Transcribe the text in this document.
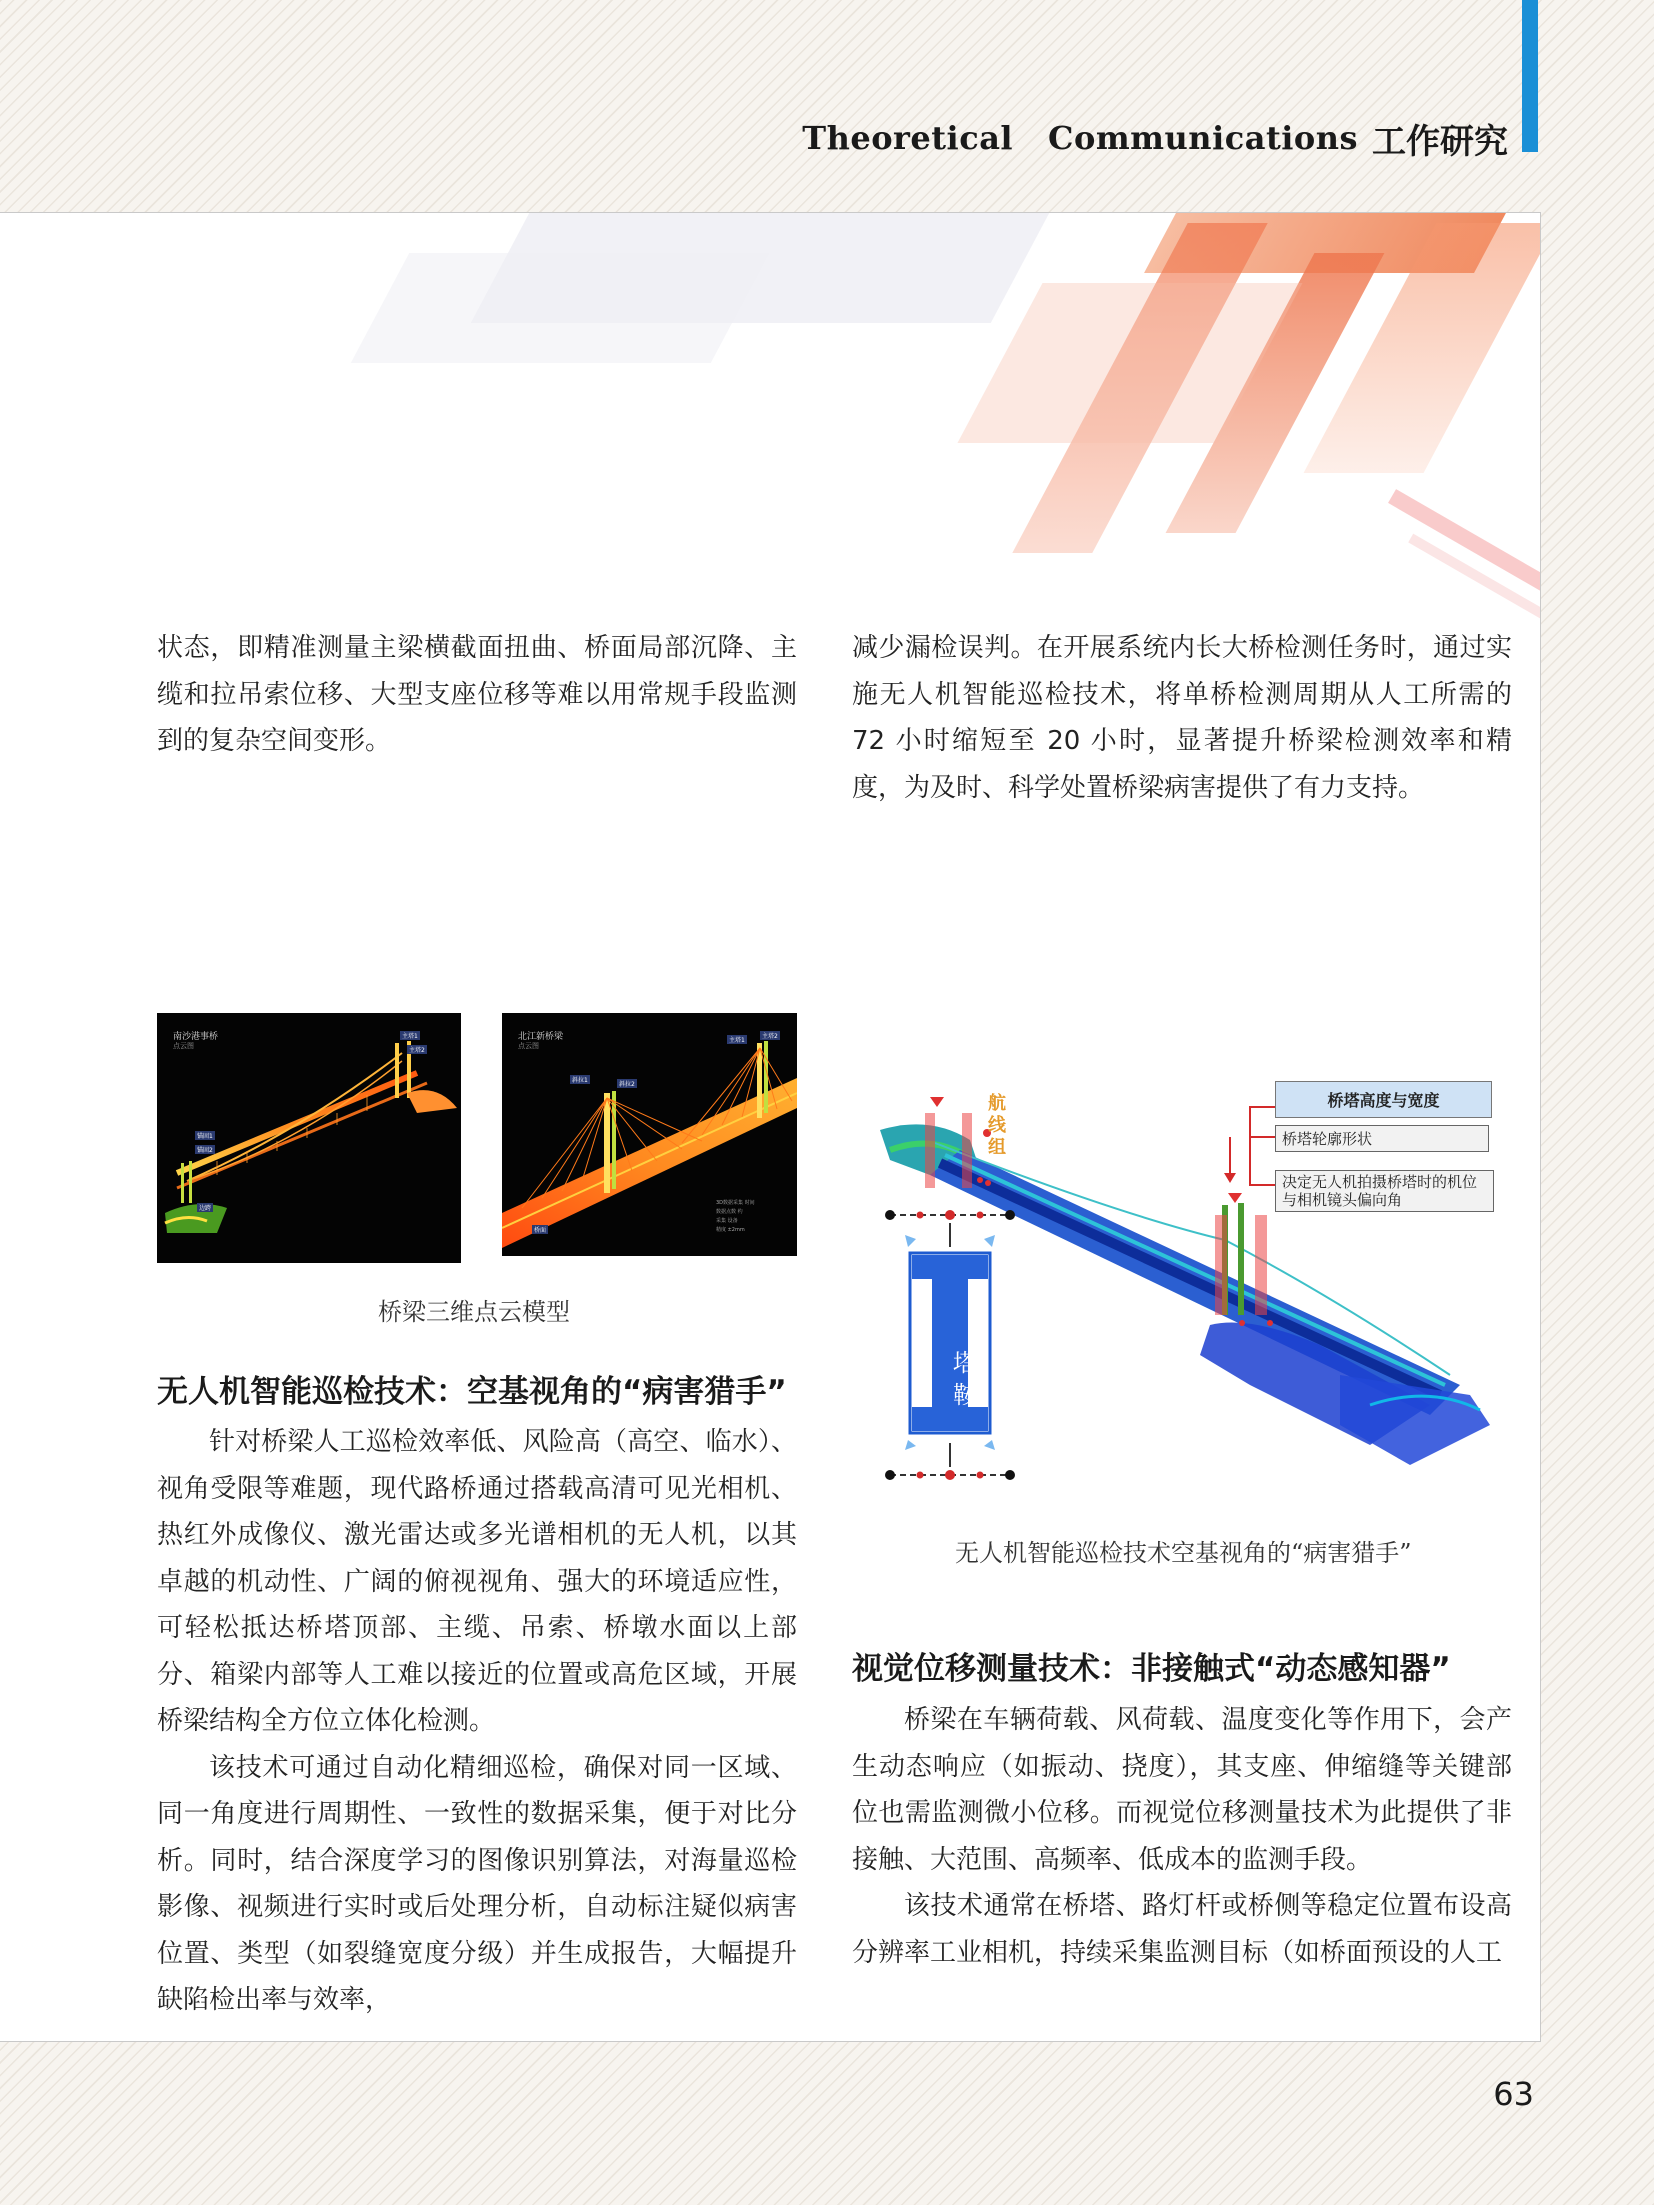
Theoretical   Communications 工作研究

状态，即精准测量主梁横截面扭曲、桥面局部沉降、主缆和拉吊索位移、大型支座位移等难以用常规手段监测到的复杂空间变形。

南沙港事桥
点云图
主塔1
主塔2
锚固1
锚固2
边跨
北江新桥梁
点云图
主塔1
主塔2
斜拉1
斜拉2
桥面
3D数据采集 时间
数据点数 约
采集 设备
精度 ±2mm
桥梁三维点云模型
无人机智能巡检技术：空基视角的“病害猎手”

针对桥梁人工巡检效率低、风险高（高空、临水）、视角受限等难题，现代路桥通过搭载高清可见光相机、热红外成像仪、激光雷达或多光谱相机的无人机，以其卓越的机动性、广阔的俯视视角、强大的环境适应性，可轻松抵达桥塔顶部、主缆、吊索、桥墩水面以上部分、箱梁内部等人工难以接近的位置或高危区域，开展桥梁结构全方位立体化检测。

该技术可通过自动化精细巡检，确保对同一区域、同一角度进行周期性、一致性的数据采集，便于对比分析。同时，结合深度学习的图像识别算法，对海量巡检影像、视频进行实时或后处理分析，自动标注疑似病害位置、类型（如裂缝宽度分级）并生成报告，大幅提升缺陷检出率与效率，

减少漏检误判。在开展系统内长大桥检测任务时，通过实施无人机智能巡检技术，将单桥检测周期从人工所需的 72 小时缩短至 20 小时，显著提升桥梁检测效率和精度，为及时、科学处置桥梁病害提供了有力支持。

航线组
桥塔高度与宽度
桥塔轮廓形状
决定无人机拍摄桥塔时的机位与相机镜头偏向角
塔鞍
无人机智能巡检技术空基视角的“病害猎手”
视觉位移测量技术：非接触式“动态感知器”

桥梁在车辆荷载、风荷载、温度变化等作用下，会产生动态响应（如振动、挠度），其支座、伸缩缝等关键部位也需监测微小位移。而视觉位移测量技术为此提供了非接触、大范围、高频率、低成本的监测手段。

该技术通常在桥塔、路灯杆或桥侧等稳定位置布设高分辨率工业相机，持续采集监测目标（如桥面预设的人工

63
